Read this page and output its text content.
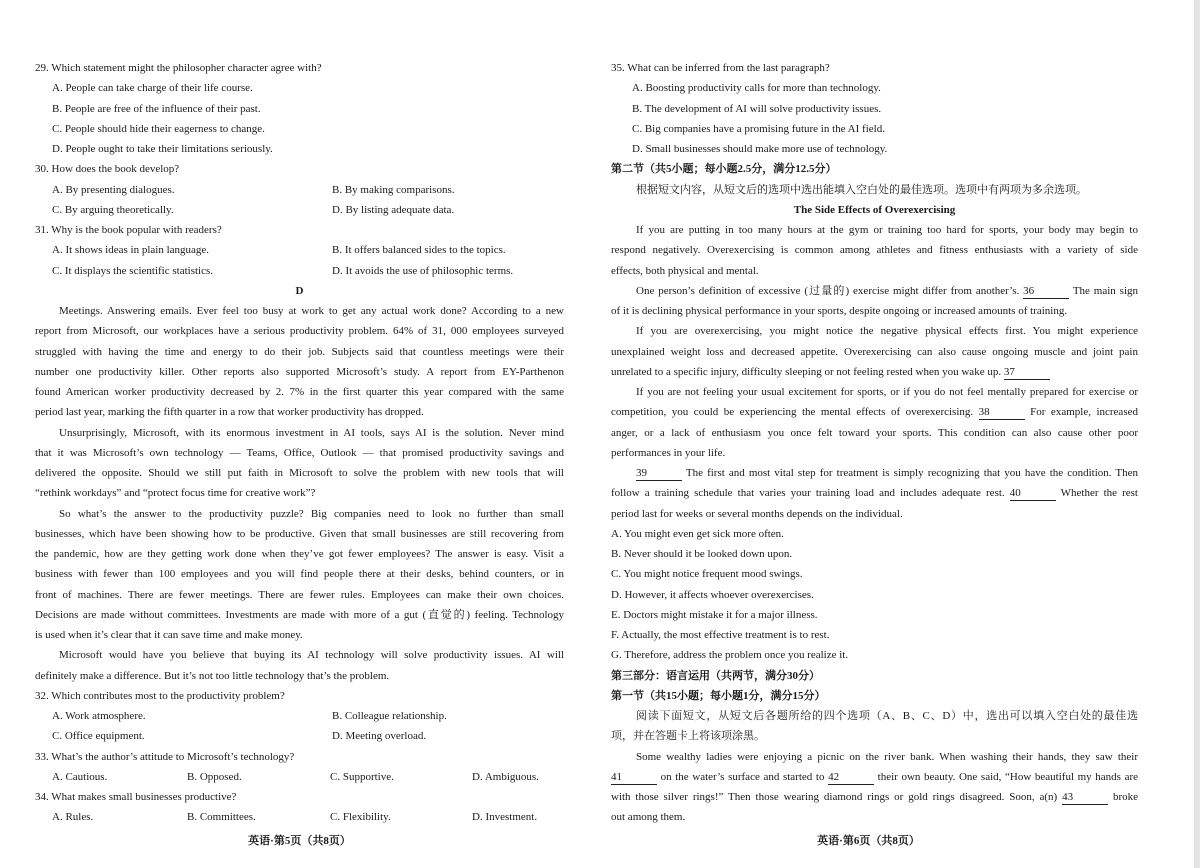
29. Which statement might the philosopher character agree with?
A. People can take charge of their life course.
B. People are free of the influence of their past.
C. People should hide their eagerness to change.
D. People ought to take their limitations seriously.
30. How does the book develop?
A. By presenting dialogues.	B. By making comparisons.
C. By arguing theoretically.	D. By listing adequate data.
31. Why is the book popular with readers?
A. It shows ideas in plain language.	B. It offers balanced sides to the topics.
C. It displays the scientific statistics.	D. It avoids the use of philosophic terms.
D
Meetings. Answering emails. Ever feel too busy at work to get any actual work done? According to a new
report from Microsoft, our workplaces have a serious productivity problem. 64% of 31, 000 employees surveyed
struggled with having the time and energy to do their job. Subjects said that countless meetings were their
number one productivity killer. Other reports also supported Microsoft’s study. A report from EY-Parthenon
found American worker productivity decreased by 2. 7% in the first quarter this year compared with the same
period last year, marking the fifth quarter in a row that worker productivity has dropped.
Unsurprisingly, Microsoft, with its enormous investment in AI tools, says AI is the solution. Never mind
that it was Microsoft’s own technology — Teams, Office, Outlook — that promised productivity savings and
delivered the opposite. Should we still put faith in Microsoft to solve the problem with new tools that will
“rethink workdays” and “protect focus time for creative work”?
So what’s the answer to the productivity puzzle? Big companies need to look no further than small
businesses, which have been showing how to be productive. Given that small businesses are still recovering from
the pandemic, how are they getting work done when they’ve got fewer employees? The answer is easy. Visit a
business with fewer than 100 employees and you will find people there at their desks, behind counters, or in
front of machines. There are fewer meetings. There are fewer rules. Employees can make their own choices.
Decisions are made without committees. Investments are made with more of a gut (直觉的) feeling. Technology
is used when it’s clear that it can save time and make money.
Microsoft would have you believe that buying its AI technology will solve productivity issues. AI will
definitely make a difference. But it’s not too little technology that’s the problem.
32. Which contributes most to the productivity problem?
A. Work atmosphere.	B. Colleague relationship.
C. Office equipment.	D. Meeting overload.
33. What’s the author’s attitude to Microsoft’s technology?
A. Cautious.	B. Opposed.	C. Supportive.	D. Ambiguous.
34. What makes small businesses productive?
A. Rules.	B. Committees.	C. Flexibility.	D. Investment.
35. What can be inferred from the last paragraph?
A. Boosting productivity calls for more than technology.
B. The development of AI will solve productivity issues.
C. Big companies have a promising future in the AI field.
D. Small businesses should make more use of technology.
第二节（共5小题；每小题2.5分，满分12.5分）
根据短文内容，从短文后的选项中选出能填入空白处的最佳选项。选项中有两项为多余选项。
The Side Effects of Overexercising
If you are putting in too many hours at the gym or training too hard for sports, your body may begin to
respond negatively. Overexercising is common among athletes and fitness enthusiasts with a variety of side
effects, both physical and mental.
One person’s definition of excessive (过量的) exercise might differ from another’s. 36	The main sign
of it is declining physical performance in your sports, despite ongoing or increased amounts of training.
If you are overexercising, you might notice the negative physical effects first. You might experience
unexplained weight loss and decreased appetite. Overexercising can also cause ongoing muscle and joint pain
unrelated to a specific injury, difficulty sleeping or not feeling rested when you wake up. 37
If you are not feeling your usual excitement for sports, or if you do not feel mentally prepared for exercise or
competition, you could be experiencing the mental effects of overexercising. 38	For example, increased
anger, or a lack of enthusiasm you once felt toward your sports. This condition can also cause other poor
performances in your life.
39	The first and most vital step for treatment is simply recognizing that you have the condition. Then
follow a training schedule that varies your training load and includes adequate rest. 40	Whether the rest
period last for weeks or several months depends on the individual.
A. You might even get sick more often.
B. Never should it be looked down upon.
C. You might notice frequent mood swings.
D. However, it affects whoever overexercises.
E. Doctors might mistake it for a major illness.
F. Actually, the most effective treatment is to rest.
G. Therefore, address the problem once you realize it.
第三部分：语言运用（共两节，满分30分）
第一节（共15小题；每小题1分，满分15分）
阅读下面短文，从短文后各题所给的四个选项（A、B、C、D）中，选出可以填入空白处的最佳选
项，并在答题卡上将该项涂黑。
Some wealthy ladies were enjoying a picnic on the river bank. When washing their hands, they saw their
41	on the water’s surface and started to 42	their own beauty. One said, “How beautiful my hands are
with those silver rings!” Then those wearing diamond rings or gold rings disagreed. Soon, a(n) 43	broke
out among them.
英语·第5页（共8页）	英语·第6页（共8页）
